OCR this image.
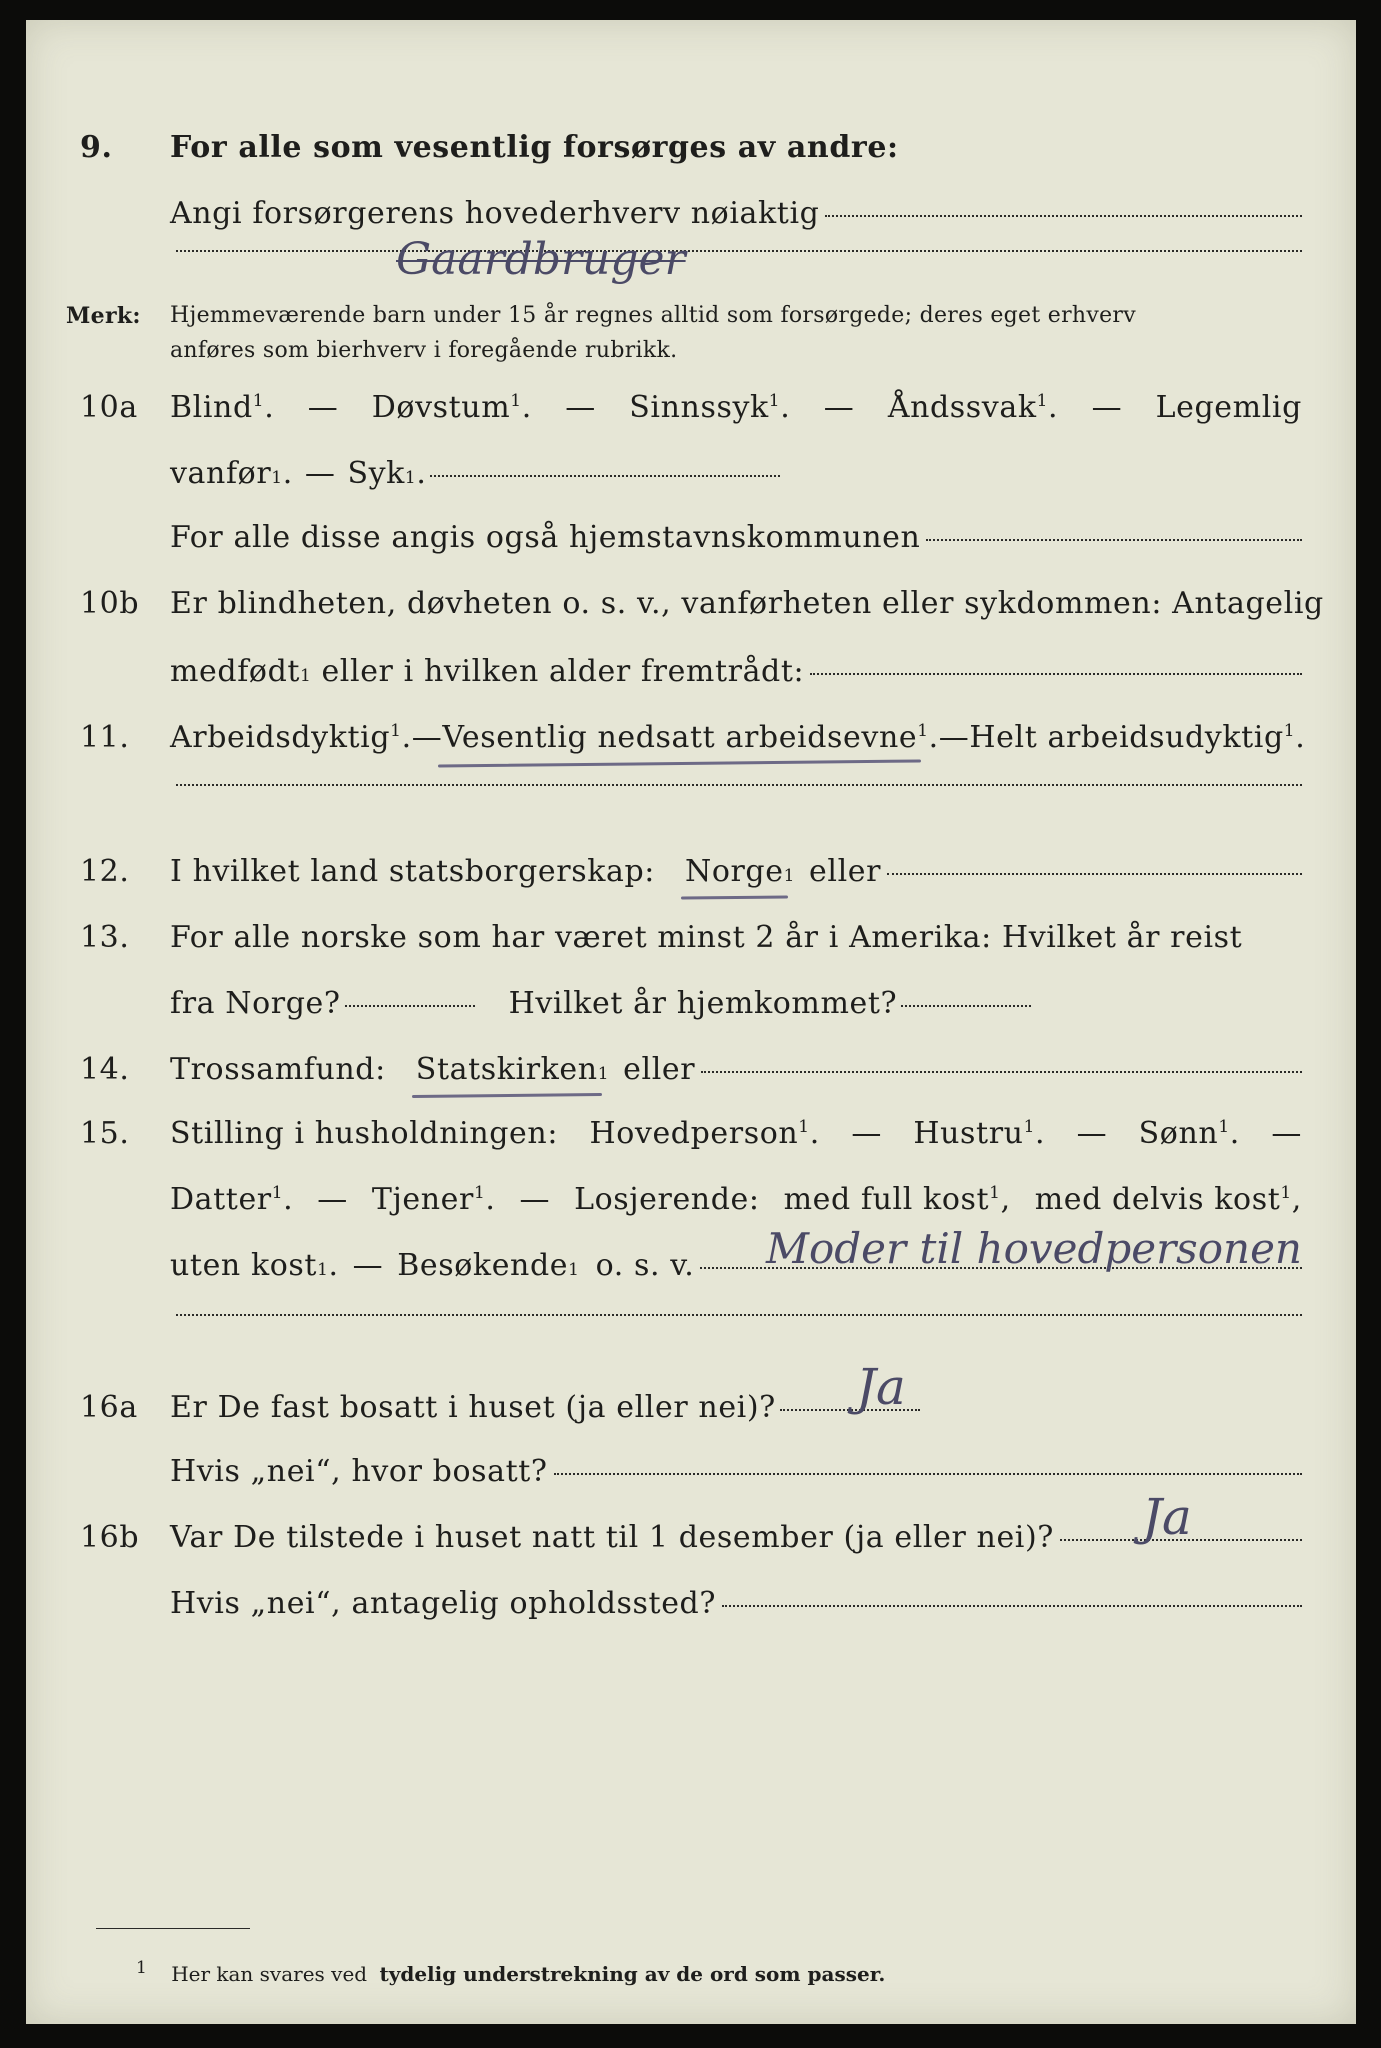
9.	For alle som vesentlig forsørges av andre:
Angi forsørgerens hovederhverv nøiaktig
Gaardbruger
Merk: Hjemmeværende barn under 15 år regnes alltid som forsørgede; deres eget erhverv
anføres som bierhverv i foregående rubrikk.
10a	Blind$^1$. — Døvstum$^1$. — Sinnssyk$^1$. — Åndssvak$^1$. — Legemlig
vanfør 1 . — Syk 1 .
For alle disse angis også hjemstavnskommunen
10b	Er blindheten, døvheten o. s. v., vanførheten eller sykdommen: Antagelig
medfødt 1 eller i hvilken alder fremtrådt:
11.	Arbeidsdyktig$^1$. — Vesentlig nedsatt arbeidsevne$^1$. — Helt arbeidsudyktig$^1$.
12.	I hvilket land statsborgerskap: Norge 1 eller
13.	For alle norske som har været minst 2 år i Amerika: Hvilket år reist
fra Norge?	Hvilket år hjemkommet?
14.	Trossamfund: Statskirken 1 eller
15.	Stilling i husholdningen: Hovedperson$^1$. — Hustru$^1$. — Sønn$^1$. —
Datter$^1$. — Tjener$^1$. — Losjerende: med full kost$^1$, med delvis kost$^1$,
uten kost 1 . — Besøkende 1 o. s. v. Moder til hovedpersonen
16a	Er De fast bosatt i huset (ja eller nei)? Ja
Hvis „nei“, hvor bosatt?
16b	Var De tilstede i huset natt til 1 desember (ja eller nei)? Ja
Hvis „nei“, antagelig opholdssted?
$^1$ Her kan svares ved tydelig understrekning av de ord som passer.
